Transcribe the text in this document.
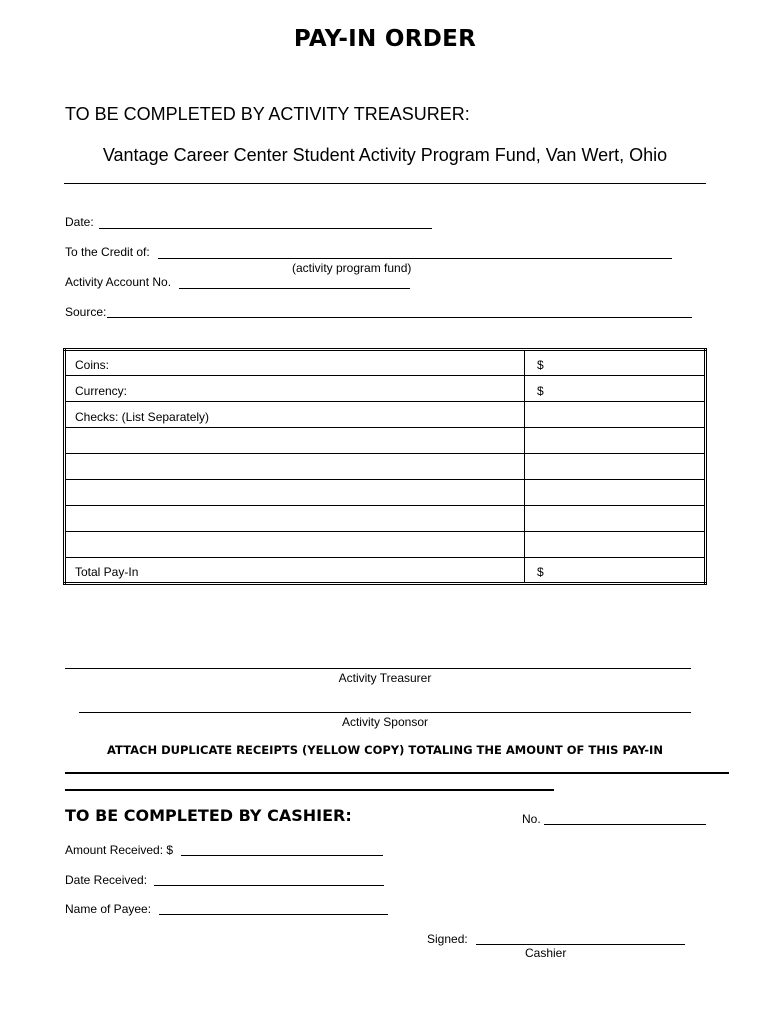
PAY-IN ORDER
TO BE COMPLETED BY ACTIVITY TREASURER:
Vantage Career Center Student Activity Program Fund, Van Wert, Ohio
Date:
To the Credit of:
(activity program fund)
Activity Account No.
Source:
Coins:	$
Currency:	$
Checks: (List Separately)	

Total Pay-In	$
Activity Treasurer
Activity Sponsor
ATTACH DUPLICATE RECEIPTS (YELLOW COPY) TOTALING THE AMOUNT OF THIS PAY-IN
TO BE COMPLETED BY CASHIER:	No.
Amount Received: $
Date Received:
Name of Payee:
Signed:
Cashier
